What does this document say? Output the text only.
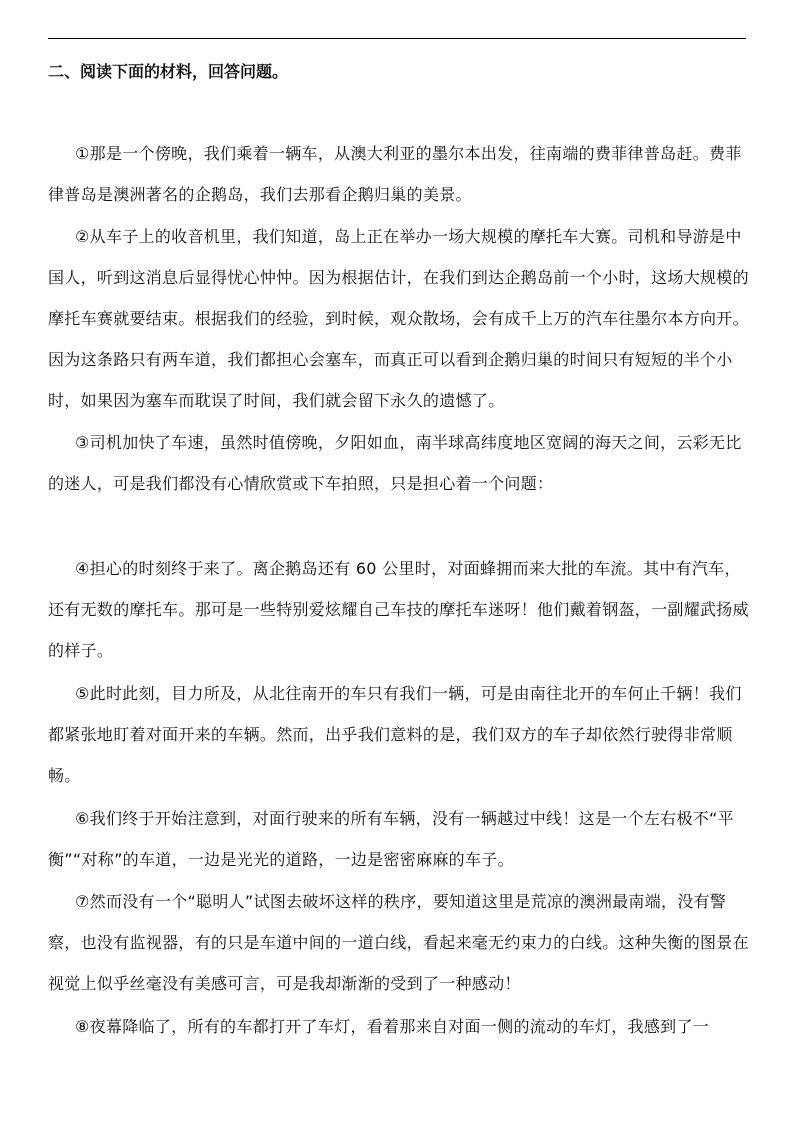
二、阅读下面的材料，回答问题。

①那是一个傍晚，我们乘着一辆车，从澳大利亚的墨尔本出发，往南端的费菲律普岛赶。费菲律普岛是澳洲著名的企鹅岛，我们去那看企鹅归巢的美景。

②从车子上的收音机里，我们知道，岛上正在举办一场大规模的摩托车大赛。司机和导游是中国人，听到这消息后显得忧心忡忡。因为根据估计，在我们到达企鹅岛前一个小时，这场大规模的摩托车赛就要结束。根据我们的经验，到时候，观众散场，会有成千上万的汽车往墨尔本方向开。因为这条路只有两车道，我们都担心会塞车，而真正可以看到企鹅归巢的时间只有短短的半个小时，如果因为塞车而耽误了时间，我们就会留下永久的遗憾了。

③司机加快了车速，虽然时值傍晚，夕阳如血，南半球高纬度地区宽阔的海天之间，云彩无比的迷人，可是我们都没有心情欣赏或下车拍照，只是担心着一个问题：

④担心的时刻终于来了。离企鹅岛还有 60 公里时，对面蜂拥而来大批的车流。其中有汽车，还有无数的摩托车。那可是一些特别爱炫耀自己车技的摩托车迷呀！他们戴着钢盔，一副耀武扬威的样子。

⑤此时此刻，目力所及，从北往南开的车只有我们一辆，可是由南往北开的车何止千辆！我们都紧张地盯着对面开来的车辆。然而，出乎我们意料的是，我们双方的车子却依然行驶得非常顺畅。

⑥我们终于开始注意到，对面行驶来的所有车辆，没有一辆越过中线！这是一个左右极不“平衡”“对称”的车道，一边是光光的道路，一边是密密麻麻的车子。

⑦然而没有一个“聪明人”试图去破坏这样的秩序，要知道这里是荒凉的澳洲最南端，没有警察，也没有监视器，有的只是车道中间的一道白线，看起来毫无约束力的白线。这种失衡的图景在视觉上似乎丝毫没有美感可言，可是我却渐渐的受到了一种感动！

⑧夜幕降临了，所有的车都打开了车灯，看着那来自对面一侧的流动的车灯，我感到了一
